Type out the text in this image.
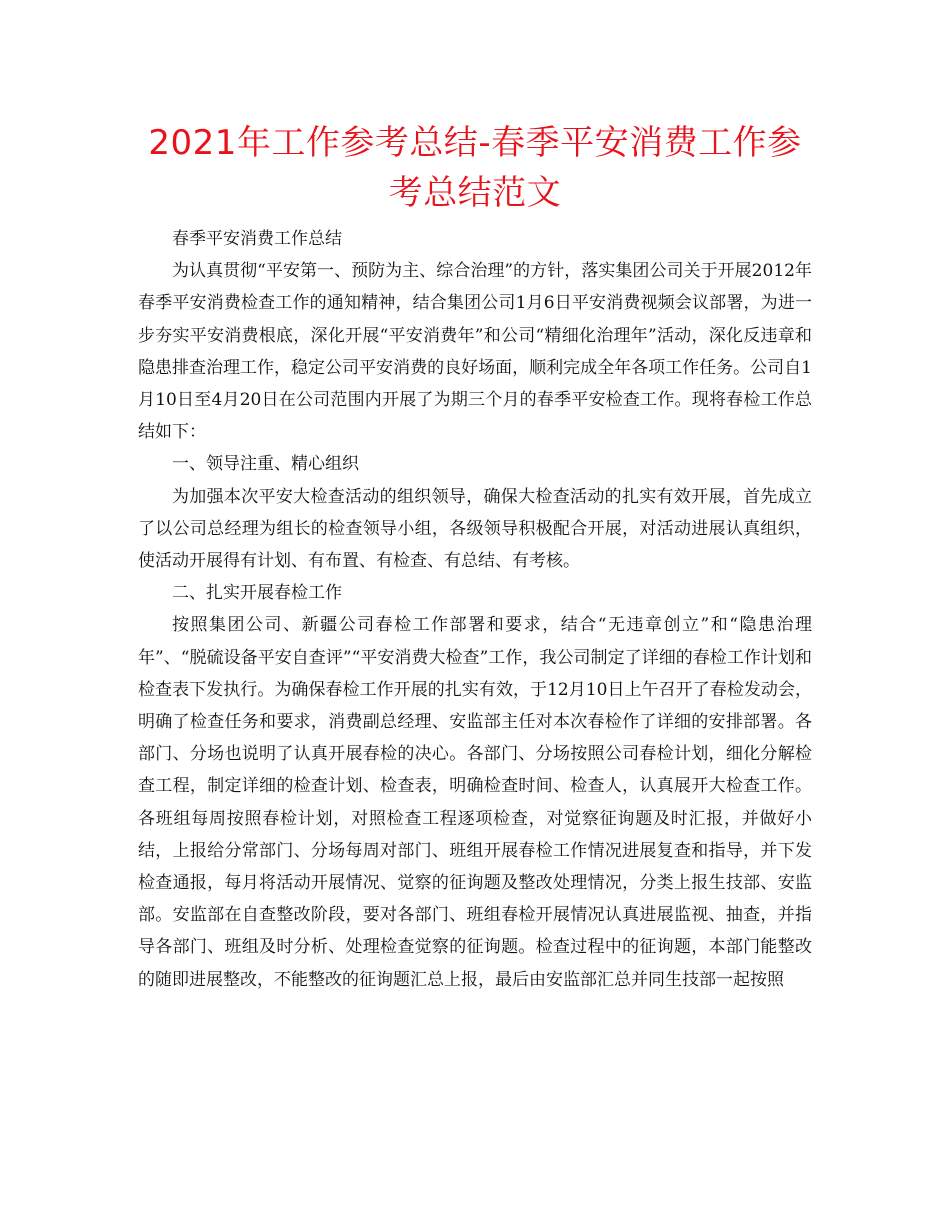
2021年工作参考总结-春季平安消费工作参考总结范文

春季平安消费工作总结

为认真贯彻“平安第一、预防为主、综合治理”的方针，落实集团公司关于开展2012年春季平安消费检查工作的通知精神，结合集团公司1月6日平安消费视频会议部署，为进一步夯实平安消费根底，深化开展“平安消费年”和公司“精细化治理年”活动，深化反违章和隐患排查治理工作，稳定公司平安消费的良好场面，顺利完成全年各项工作任务。公司自1月10日至4月20日在公司范围内开展了为期三个月的春季平安检查工作。现将春检工作总结如下：

一、领导注重、精心组织

为加强本次平安大检查活动的组织领导，确保大检查活动的扎实有效开展，首先成立了以公司总经理为组长的检查领导小组，各级领导积极配合开展，对活动进展认真组织，使活动开展得有计划、有布置、有检查、有总结、有考核。

二、扎实开展春检工作

按照集团公司、新疆公司春检工作部署和要求，结合“无违章创立”和“隐患治理年”、“脱硫设备平安自查评”“平安消费大检查”工作，我公司制定了详细的春检工作计划和检查表下发执行。为确保春检工作开展的扎实有效，于12月10日上午召开了春检发动会，明确了检查任务和要求，消费副总经理、安监部主任对本次春检作了详细的安排部署。各部门、分场也说明了认真开展春检的决心。各部门、分场按照公司春检计划，细化分解检查工程，制定详细的检查计划、检查表，明确检查时间、检查人，认真展开大检查工作。各班组每周按照春检计划，对照检查工程逐项检查，对觉察征询题及时汇报，并做好小结，上报给分常部门、分场每周对部门、班组开展春检工作情况进展复查和指导，并下发检查通报，每月将活动开展情况、觉察的征询题及整改处理情况，分类上报生技部、安监部。安监部在自查整改阶段，要对各部门、班组春检开展情况认真进展监视、抽查，并指导各部门、班组及时分析、处理检查觉察的征询题。检查过程中的征询题，本部门能整改的随即进展整改，不能整改的征询题汇总上报，最后由安监部汇总并同生技部一起按照
